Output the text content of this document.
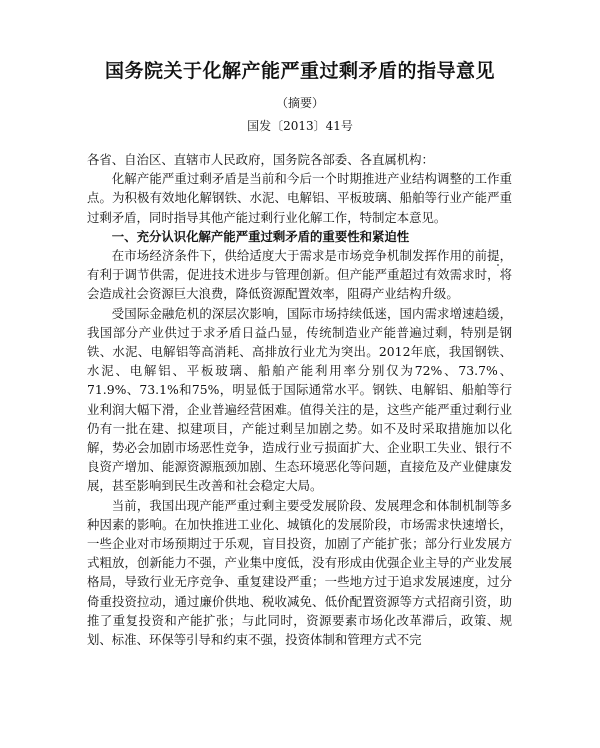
国务院关于化解产能严重过剩矛盾的指导意见
（摘要）
国发〔2013〕41号

各省、自治区、直辖市人民政府，国务院各部委、各直属机构：

化解产能严重过剩矛盾是当前和今后一个时期推进产业结构调整的工作重点。为积极有效地化解钢铁、水泥、电解铝、平板玻璃、船舶等行业产能严重过剩矛盾，同时指导其他产能过剩行业化解工作，特制定本意见。

一、充分认识化解产能严重过剩矛盾的重要性和紧迫性

在市场经济条件下，供给适度大于需求是市场竞争机制发挥作用的前提，有利于调节供需，促进技术进步与管理创新。但产能严重超过有效需求时，将会造成社会资源巨大浪费，降低资源配置效率，阻碍产业结构升级。

受国际金融危机的深层次影响，国际市场持续低迷，国内需求增速趋缓，我国部分产业供过于求矛盾日益凸显，传统制造业产能普遍过剩，特别是钢铁、水泥、电解铝等高消耗、高排放行业尤为突出。2012年底，我国钢铁、水泥、电解铝、平板玻璃、船舶产能利用率分别仅为72%、73.7%、71.9%、73.1%和75%，明显低于国际通常水平。钢铁、电解铝、船舶等行业利润大幅下滑，企业普遍经营困难。值得关注的是，这些产能严重过剩行业仍有一批在建、拟建项目，产能过剩呈加剧之势。如不及时采取措施加以化解，势必会加剧市场恶性竞争，造成行业亏损面扩大、企业职工失业、银行不良资产增加、能源资源瓶颈加剧、生态环境恶化等问题，直接危及产业健康发展，甚至影响到民生改善和社会稳定大局。

当前，我国出现产能严重过剩主要受发展阶段、发展理念和体制机制等多种因素的影响。在加快推进工业化、城镇化的发展阶段，市场需求快速增长，一些企业对市场预期过于乐观，盲目投资，加剧了产能扩张；部分行业发展方式粗放，创新能力不强，产业集中度低，没有形成由优强企业主导的产业发展格局，导致行业无序竞争、重复建设严重；一些地方过于追求发展速度，过分倚重投资拉动，通过廉价供地、税收减免、低价配置资源等方式招商引资，助推了重复投资和产能扩张；与此同时，资源要素市场化改革滞后，政策、规划、标准、环保等引导和约束不强，投资体制和管理方式不完
